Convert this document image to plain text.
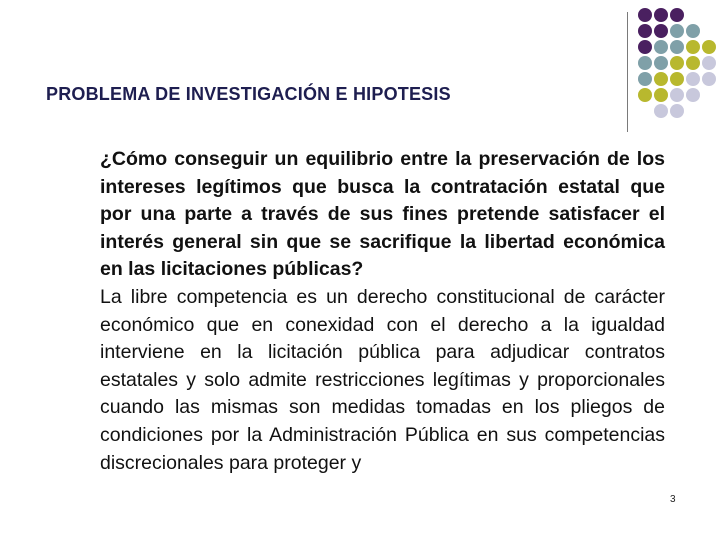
PROBLEMA DE INVESTIGACIÓN E HIPOTESIS
¿Cómo conseguir un equilibrio entre la preservación de los intereses legítimos que busca la contratación estatal que por una parte a través de sus fines pretende satisfacer el interés general sin que se sacrifique la libertad económica en las licitaciones públicas?
La libre competencia es un derecho constitucional de carácter económico que en conexidad con el derecho a la igualdad interviene en la licitación pública para adjudicar contratos estatales y solo admite restricciones legítimas y proporcionales cuando las mismas son medidas tomadas en los pliegos de condiciones por la Administración Pública en sus competencias discrecionales para proteger y
3
